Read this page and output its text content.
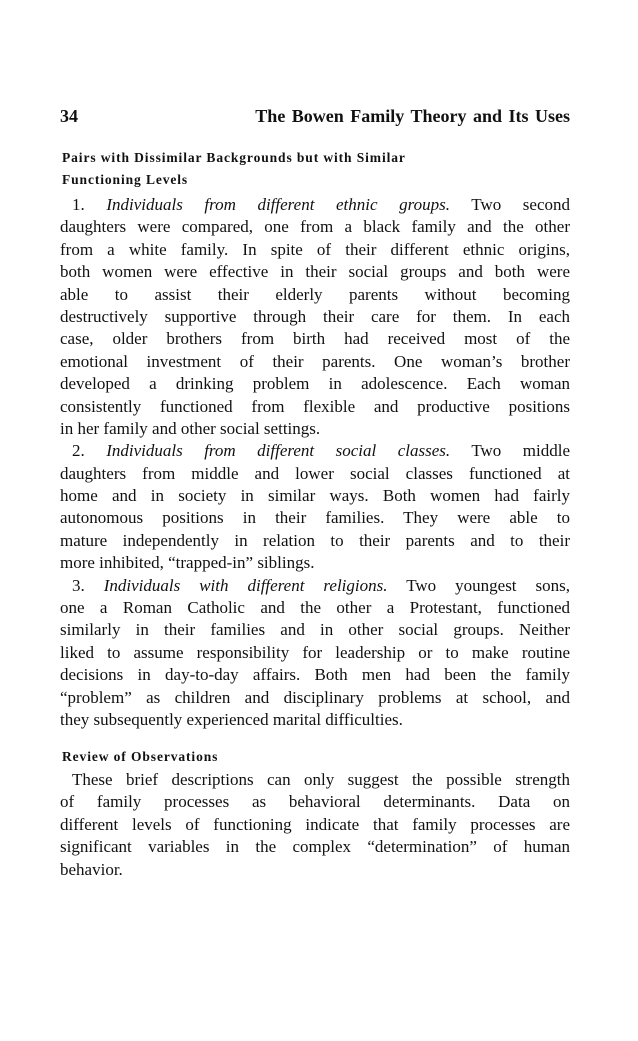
34	The Bowen Family Theory and Its Uses
Pairs with Dissimilar Backgrounds but with Similar
Functioning Levels
1. Individuals from different ethnic groups. Two second
daughters were compared, one from a black family and the other
from a white family. In spite of their different ethnic origins,
both women were effective in their social groups and both were
able to assist their elderly parents without becoming
destructively supportive through their care for them. In each
case, older brothers from birth had received most of the
emotional investment of their parents. One woman’s brother
developed a drinking problem in adolescence. Each woman
consistently functioned from flexible and productive positions
in her family and other social settings.
2. Individuals from different social classes. Two middle
daughters from middle and lower social classes functioned at
home and in society in similar ways. Both women had fairly
autonomous positions in their families. They were able to
mature independently in relation to their parents and to their
more inhibited, “trapped-in” siblings.
3. Individuals with different religions. Two youngest sons,
one a Roman Catholic and the other a Protestant, functioned
similarly in their families and in other social groups. Neither
liked to assume responsibility for leadership or to make routine
decisions in day-to-day affairs. Both men had been the family
“problem” as children and disciplinary problems at school, and
they subsequently experienced marital difficulties.
Review of Observations
These brief descriptions can only suggest the possible strength
of family processes as behavioral determinants. Data on
different levels of functioning indicate that family processes are
significant variables in the complex “determination” of human
behavior.
